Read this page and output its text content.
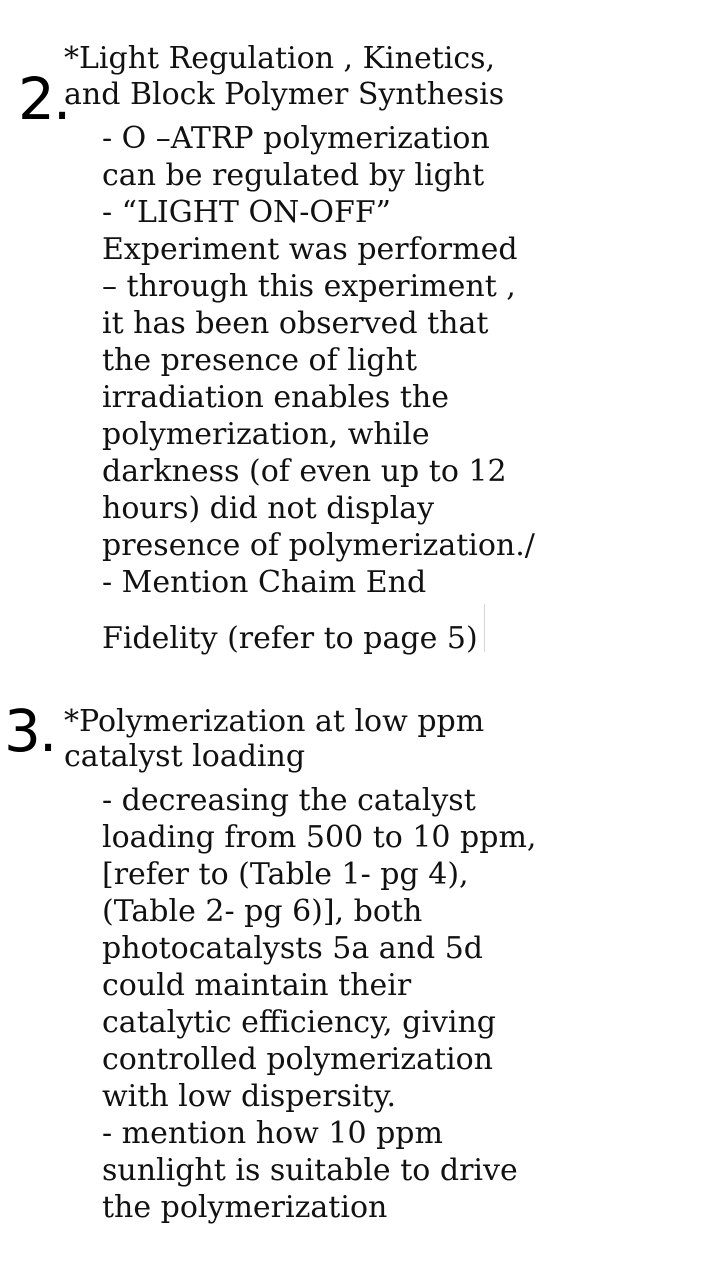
2.
*Light Regulation , Kinetics,
and Block Polymer Synthesis
- O –ATRP polymerization
can be regulated by light
- “LIGHT ON-OFF”
Experiment was performed
– through this experiment ,
it has been observed that
the presence of light
irradiation enables the
polymerization, while
darkness (of even up to 12
hours) did not display
presence of polymerization./
- Mention Chaim End
Fidelity (refer to page 5)
3. *Polymerization at low ppm
catalyst loading
- decreasing the catalyst
loading from 500 to 10 ppm,
[refer to (Table 1- pg 4),
(Table 2- pg 6)], both
photocatalysts 5a and 5d
could maintain their
catalytic efficiency, giving
controlled polymerization
with low dispersity.
- mention how 10 ppm
sunlight is suitable to drive
the polymerization
